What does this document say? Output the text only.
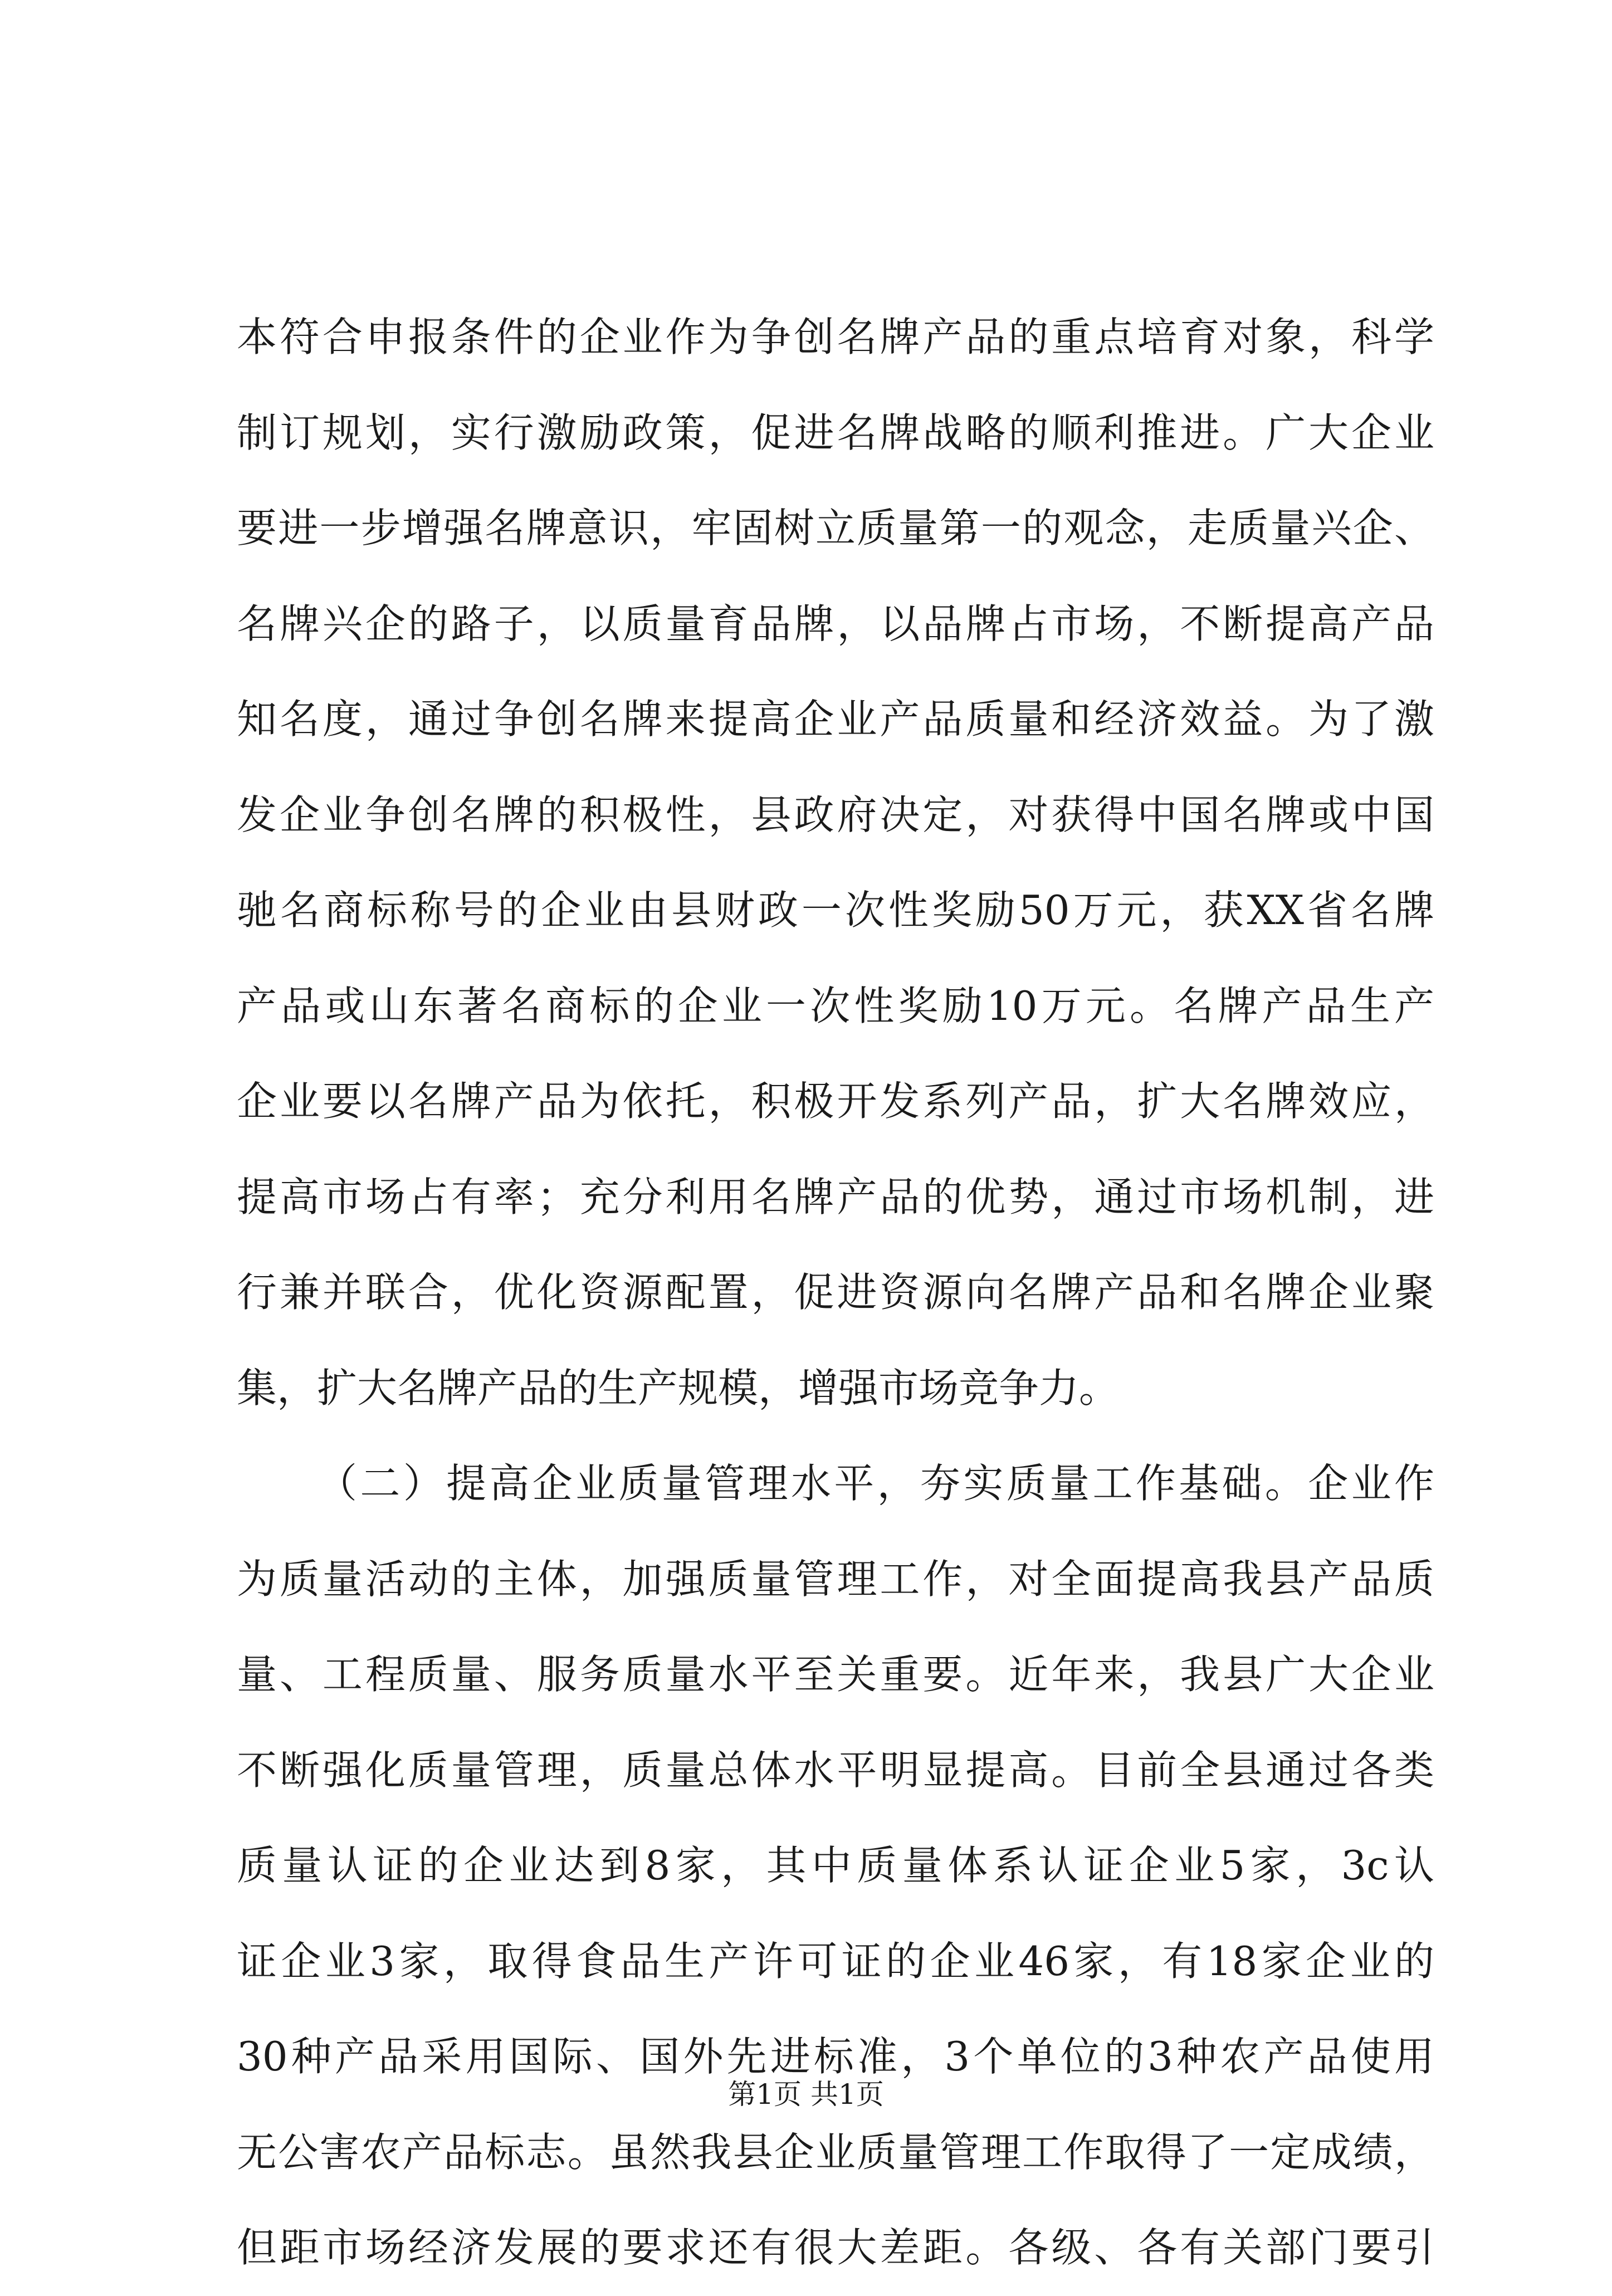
本符合申报条件的企业作为争创名牌产品的重点培育对象，科学
制订规划，实行激励政策，促进名牌战略的顺利推进。广大企业
要进一步增强名牌意识，牢固树立质量第一的观念，走质量兴企、
名牌兴企的路子，以质量育品牌，以品牌占市场，不断提高产品
知名度，通过争创名牌来提高企业产品质量和经济效益。为了激
发企业争创名牌的积极性，县政府决定，对获得中国名牌或中国
驰名商标称号的企业由县财政一次性奖励50万元，获XX省名牌
产品或山东著名商标的企业一次性奖励10万元。名牌产品生产
企业要以名牌产品为依托，积极开发系列产品，扩大名牌效应，
提高市场占有率；充分利用名牌产品的优势，通过市场机制，进
行兼并联合，优化资源配置，促进资源向名牌产品和名牌企业聚
集，扩大名牌产品的生产规模，增强市场竞争力。
（二）提高企业质量管理水平，夯实质量工作基础。企业作
为质量活动的主体，加强质量管理工作，对全面提高我县产品质
量、工程质量、服务质量水平至关重要。近年来，我县广大企业
不断强化质量管理，质量总体水平明显提高。目前全县通过各类
质量认证的企业达到8家，其中质量体系认证企业5家，3c认
证企业3家，取得食品生产许可证的企业46家，有18家企业的
30种产品采用国际、国外先进标准，3个单位的3种农产品使用
无公害农产品标志。虽然我县企业质量管理工作取得了一定成绩，
但距市场经济发展的要求还有很大差距。各级、各有关部门要引
第1页 共1页
